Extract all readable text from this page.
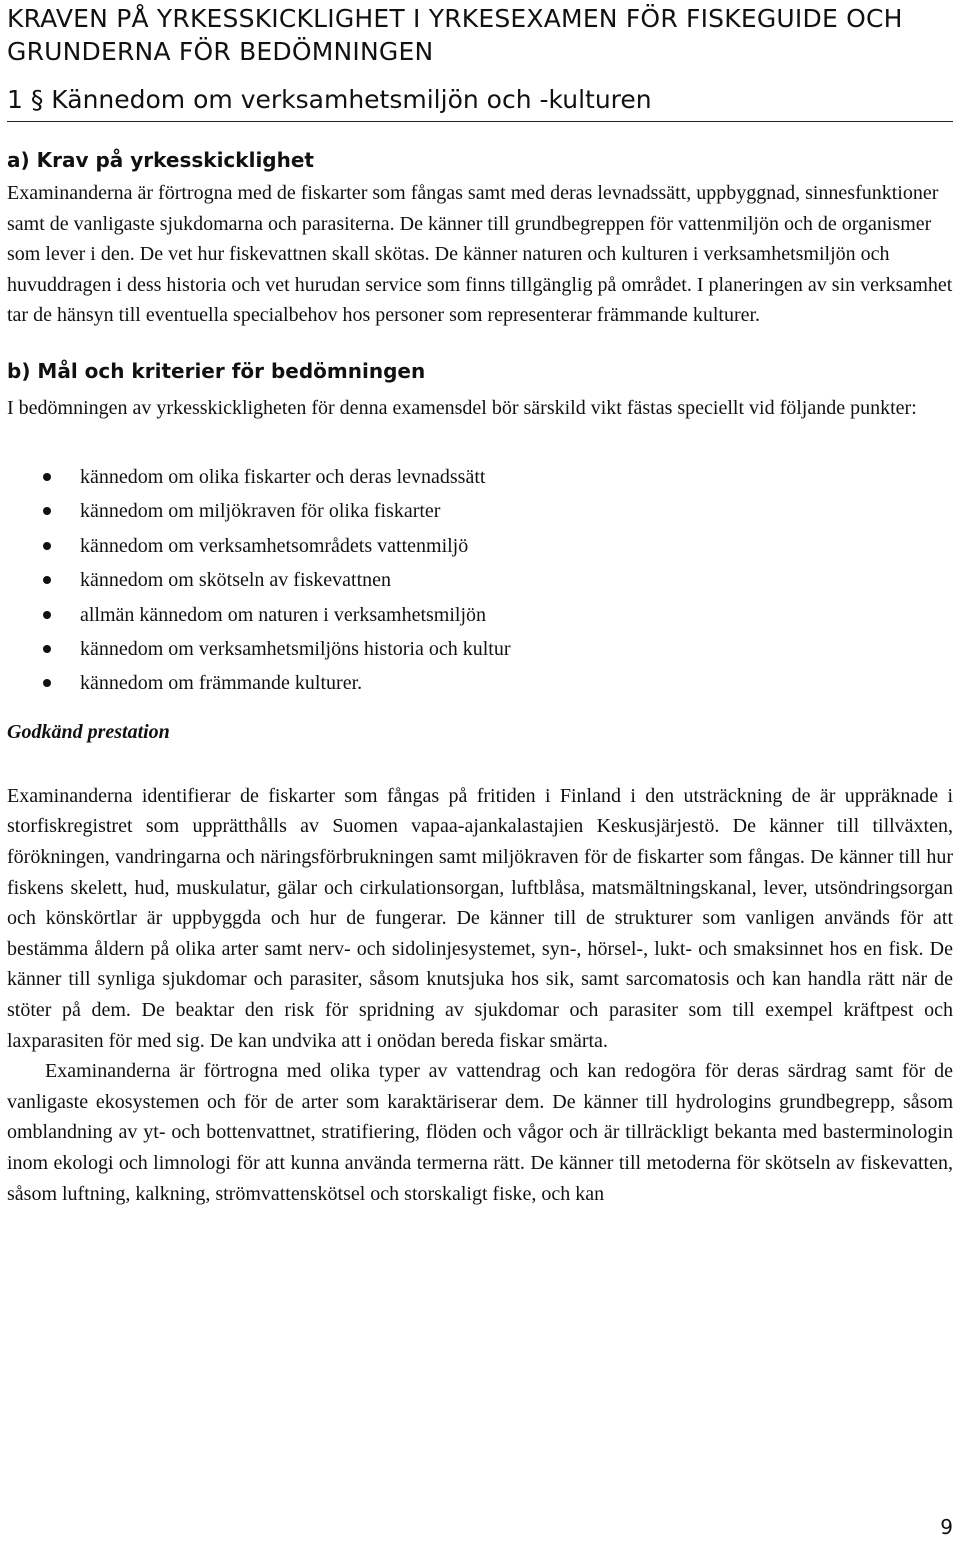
KRAVEN PÅ YRKESSKICKLIGHET I YRKESEXAMEN FÖR FISKEGUIDE OCH GRUNDERNA FÖR BEDÖMNINGEN
1 § Kännedom om verksamhetsmiljön och -kulturen
a) Krav på yrkesskicklighet

Examinanderna är förtrogna med de fiskarter som fångas samt med deras levnadssätt, uppbyggnad, sinnesfunktioner samt de vanligaste sjukdomarna och parasiterna. De känner till grundbegreppen för vattenmiljön och de organismer som lever i den. De vet hur fiskevattnen skall skötas. De känner naturen och kulturen i verksamhetsmiljön och huvuddragen i dess historia och vet hurudan service som finns tillgänglig på området. I planeringen av sin verksamhet tar de hänsyn till eventuella specialbehov hos personer som representerar främmande kulturer.

b) Mål och kriterier för bedömningen

I bedömningen av yrkesskickligheten för denna examensdel bör särskild vikt fästas speciellt vid följande punkter:

kännedom om olika fiskarter och deras levnadssätt
kännedom om miljökraven för olika fiskarter
kännedom om verksamhetsområdets vattenmiljö
kännedom om skötseln av fiskevattnen
allmän kännedom om naturen i verksamhetsmiljön
kännedom om verksamhetsmiljöns historia och kultur
kännedom om främmande kulturer.
Godkänd prestation

Examinanderna identifierar de fiskarter som fångas på fritiden i Finland i den utsträckning de är uppräknade i storfiskregistret som upprätthålls av Suomen vapaa-ajankalastajien Keskusjärjestö. De känner till tillväxten, förökningen, vandringarna och näringsförbrukningen samt miljökraven för de fiskarter som fångas. De känner till hur fiskens skelett, hud, muskulatur, gälar och cirkulationsorgan, luftblåsa, matsmältningskanal, lever, utsöndringsorgan och könskörtlar är uppbyggda och hur de fungerar. De känner till de strukturer som vanligen används för att bestämma åldern på olika arter samt nerv- och sidolinjesystemet, syn-, hörsel-, lukt- och smaksinnet hos en fisk. De känner till synliga sjukdomar och parasiter, såsom knutsjuka hos sik, samt sarcomatosis och kan handla rätt när de stöter på dem. De beaktar den risk för spridning av sjukdomar och parasiter som till exempel kräftpest och laxparasiten för med sig. De kan undvika att i onödan bereda fiskar smärta.

Examinanderna är förtrogna med olika typer av vattendrag och kan redogöra för deras särdrag samt för de vanligaste ekosystemen och för de arter som karaktäriserar dem. De känner till hydrologins grundbegrepp, såsom omblandning av yt- och bottenvattnet, stratifiering, flöden och vågor och är tillräckligt bekanta med basterminologin inom ekologi och limnologi för att kunna använda termerna rätt. De känner till metoderna för skötseln av fiskevatten, såsom luftning, kalkning, strömvattenskötsel och storskaligt fiske, och kan

9
